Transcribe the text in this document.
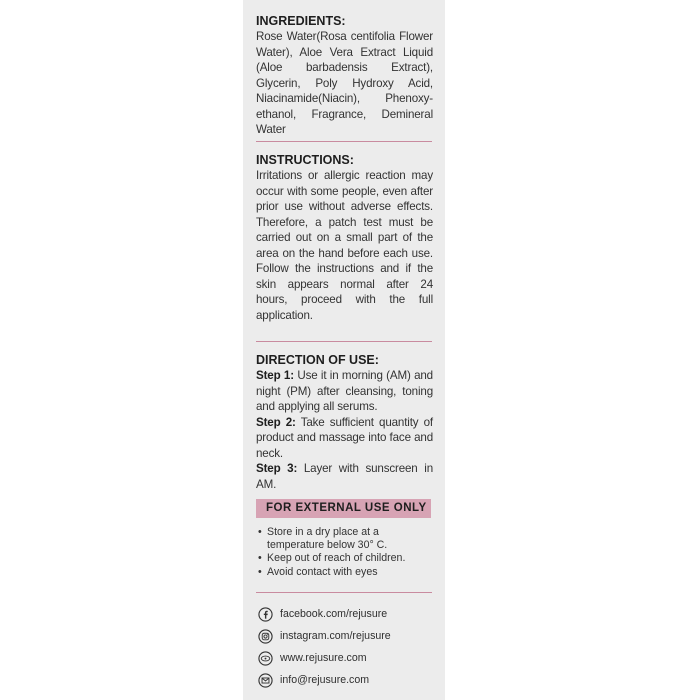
INGREDIENTS:
Rose Water(Rosa centifolia Flower Water), Aloe Vera Extract Liquid (Aloe barbadensis Extract), Glycerin, Poly Hydroxy Acid, Niacinamide(Niacin), Phenoxy-ethanol, Fragrance, Demineral Water
INSTRUCTIONS:
Irritations or allergic reaction may occur with some people, even after prior use without adverse effects. Therefore, a patch test must be carried out on a small part of the area on the hand before each use. Follow the instructions and if the skin appears normal after 24 hours, proceed with the full application.
DIRECTION OF USE:
Step 1: Use it in morning (AM) and night (PM) after cleansing, toning and applying all serums.
Step 2: Take sufficient quantity of product and massage into face and neck.
Step 3: Layer with sunscreen in AM.
FOR EXTERNAL USE ONLY
• Store in a dry place at a temperature below 30° C.
• Keep out of reach of children.
• Avoid contact with eyes
facebook.com/rejusure
instagram.com/rejusure
www.rejusure.com
info@rejusure.com
